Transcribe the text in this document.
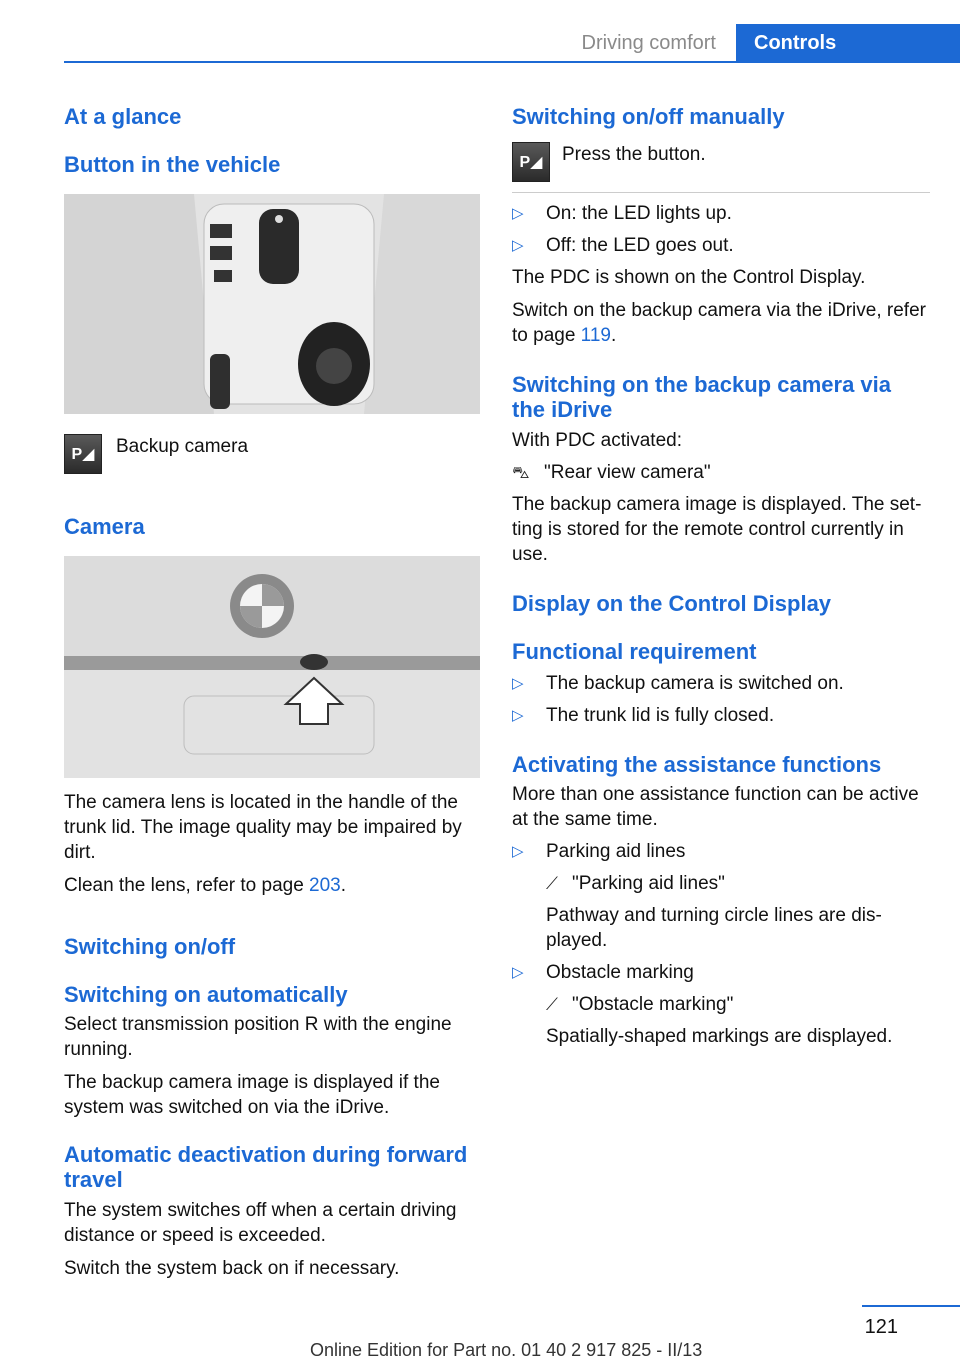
Driving comfort	Controls
At a glance
Button in the vehicle
P◢	Backup camera
Camera

The camera lens is located in the handle of the trunk lid. The image quality may be impaired by dirt.

Clean the lens, refer to page 203.

Switching on/off
Switching on automatically

Select transmission position R with the engine running.

The backup camera image is displayed if the system was switched on via the iDrive.

Automatic deactivation during forward travel

The system switches off when a certain driving distance or speed is exceeded.

Switch the system back on if necessary.

Switching on/off manually
P◢	Press the button.
▷ On: the LED lights up.
▷ Off: the LED goes out.

The PDC is shown on the Control Display.

Switch on the backup camera via the iDrive, refer to page 119.

Switching on the backup camera via the iDrive

With PDC activated:

⛍ "Rear view camera"

The backup camera image is displayed. The set‐ting is stored for the remote control currently in use.

Display on the Control Display
Functional requirement
▷ The backup camera is switched on.
▷ The trunk lid is fully closed.
Activating the assistance functions

More than one assistance function can be active at the same time.

▷ Parking aid lines
⟋ "Parking aid lines"
Pathway and turning circle lines are dis‐played.
▷ Obstacle marking
⟋ "Obstacle marking"
Spatially-shaped markings are displayed.
121
Online Edition for Part no. 01 40 2 917 825 - II/13
